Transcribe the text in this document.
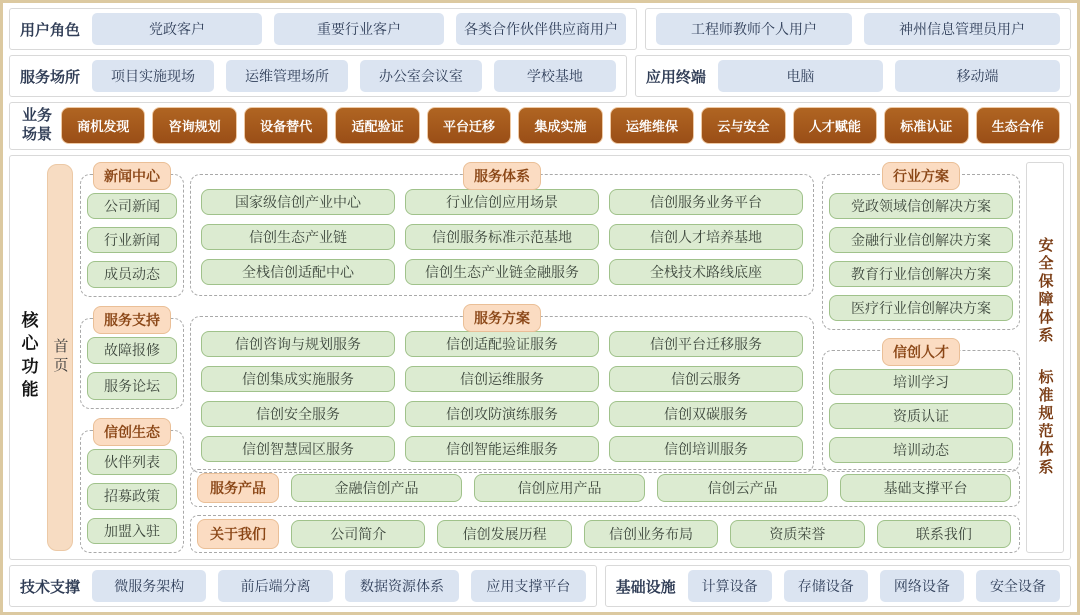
用户角色	党政客户	重要行业客户	各类合作伙伴供应商用户	工程师教师个人用户	神州信息管理员用户
服务场所	项目实施现场	运维管理场所	办公室会议室	学校基地	应用终端	电脑	移动端
业务场景	商机发现	咨询规划	设备替代	适配验证	平台迁移	集成实施	运维维保	云与安全	人才赋能	标准认证	生态合作
核心功能 首页
新闻中心
公司新闻
行业新闻
成员动态
服务支持
故障报修
服务论坛
信创生态
伙伴列表
招募政策
加盟入驻
服务体系
国家级信创产业中心	行业信创应用场景	信创服务业务平台
信创生态产业链	信创服务标准示范基地	信创人才培养基地
全栈信创适配中心	信创生态产业链金融服务	全栈技术路线底座
服务方案
信创咨询与规划服务	信创适配验证服务	信创平台迁移服务
信创集成实施服务	信创运维服务	信创云服务
信创安全服务	信创攻防演练服务	信创双碳服务
信创智慧园区服务	信创智能运维服务	信创培训服务
行业方案
党政领域信创解决方案
金融行业信创解决方案
教育行业信创解决方案
医疗行业信创解决方案
信创人才
培训学习
资质认证
培训动态
服务产品	金融信创产品	信创应用产品	信创云产品	基础支撑平台
关于我们	公司简介	信创发展历程	信创业务布局	资质荣誉	联系我们
安全保障体系
标准规范体系
技术支撑	微服务架构	前后端分离	数据资源体系	应用支撑平台	基础设施	计算设备	存储设备	网络设备	安全设备
